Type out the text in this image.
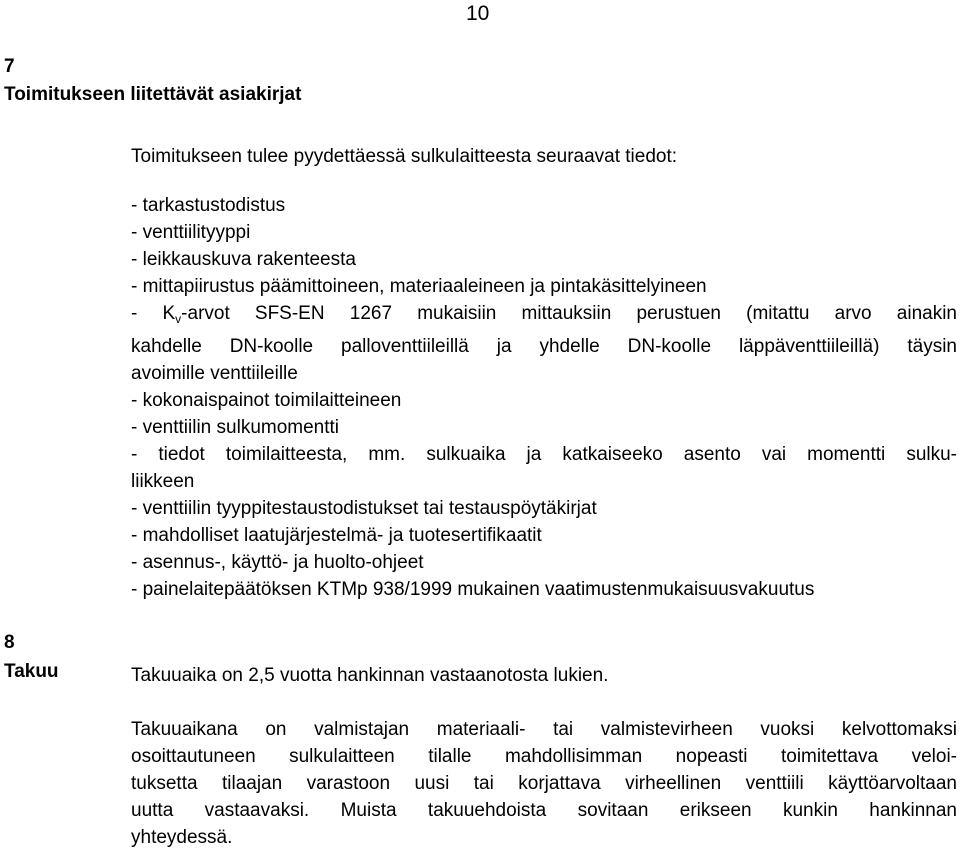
10
7
Toimitukseen liitettävät asiakirjat
Toimitukseen tulee pyydettäessä sulkulaitteesta seuraavat tiedot:
- tarkastustodistus
- venttiilityyppi
- leikkauskuva rakenteesta
- mittapiirustus päämittoineen, materiaaleineen ja pintakäsittelyineen
- $K_v$-arvot SFS-EN 1267 mukaisiin mittauksiin perustuen (mitattu arvo ainakin
kahdelle DN-koolle palloventtiileillä ja yhdelle DN-koolle läppäventtiileillä) täysin
avoimille venttiileille
- kokonaispainot toimilaitteineen
- venttiilin sulkumomentti
- tiedot toimilaitteesta, mm. sulkuaika ja katkaiseeko asento vai momentti sulku-
liikkeen
- venttiilin tyyppitestaustodistukset tai testauspöytäkirjat
- mahdolliset laatujärjestelmä- ja tuotesertifikaatit
- asennus-, käyttö- ja huolto-ohjeet
- painelaitepäätöksen KTMp 938/1999 mukainen vaatimustenmukaisuusvakuutus
8
Takuu	Takuuaika on 2,5 vuotta hankinnan vastaanotosta lukien.
Takuuaikana on valmistajan materiaali- tai valmistevirheen vuoksi kelvottomaksi
osoittautuneen sulkulaitteen tilalle mahdollisimman nopeasti toimitettava veloi-
tuksetta tilaajan varastoon uusi tai korjattava virheellinen venttiili käyttöarvoltaan
uutta vastaavaksi. Muista takuuehdoista sovitaan erikseen kunkin hankinnan
yhteydessä.
